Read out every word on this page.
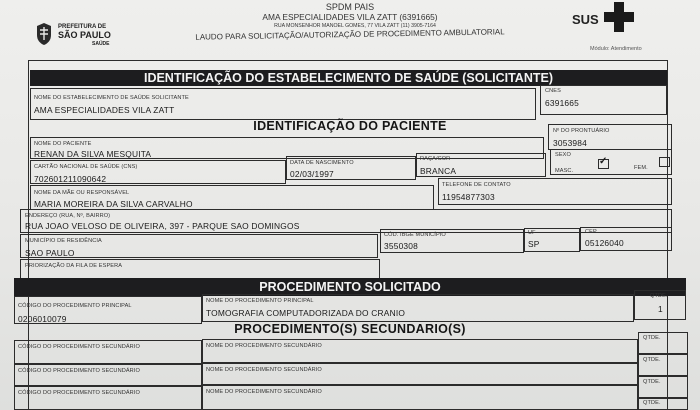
PREFEITURA DE
SÃO PAULO
SAÚDE
SPDM PAIS
AMA ESPECIALIDADES VILA ZATT (6391665)
RUA MONSENHOR MANOEL GOMES, 77 VILA ZATT (11) 3905-7164
LAUDO PARA SOLICITAÇÃO/AUTORIZAÇÃO DE PROCEDIMENTO AMBULATORIAL
SUS
Módulo: Atendimento
IDENTIFICAÇÃO DO ESTABELECIMENTO DE SAÚDE (SOLICITANTE)
NOME DO ESTABELECIMENTO DE SAÚDE SOLICITANTE
AMA ESPECIALIDADES VILA ZATT
CNES
6391665
IDENTIFICAÇÃO DO PACIENTE
NOME DO PACIENTE
RENAN DA SILVA MESQUITA
Nº DO PRONTUÁRIO
3053984
CARTÃO NACIONAL DE SAÚDE (CNS)
702601211090642
DATA DE NASCIMENTO
02/03/1997
RAÇA/COR
BRANCA
SEXO
MASC.
✓
FEM.
NOME DA MÃE OU RESPONSÁVEL
MARIA MOREIRA DA SILVA CARVALHO
TELEFONE DE CONTATO
11954877303
ENDEREÇO (RUA, Nº, BAIRRO)
RUA JOAO VELOSO DE OLIVEIRA, 397 - PARQUE SAO DOMINGOS
MUNICÍPIO DE RESIDÊNCIA
SAO PAULO
CÓD. IBGE MUNICÍPIO
3550308
UF
SP
CEP
05126040
PRIORIZAÇÃO DA FILA DE ESPERA
PROCEDIMENTO SOLICITADO
CÓDIGO DO PROCEDIMENTO PRINCIPAL
0206010079
NOME DO PROCEDIMENTO PRINCIPAL
TOMOGRAFIA COMPUTADORIZADA DO CRANIO
QTDE.
1
PROCEDIMENTO(S) SECUNDARIO(S)
CÓDIGO DO PROCEDIMENTO SECUNDÁRIO	NOME DO PROCEDIMENTO SECUNDÁRIO
QTDE.
CÓDIGO DO PROCEDIMENTO SECUNDÁRIO	NOME DO PROCEDIMENTO SECUNDÁRIO
QTDE.
CÓDIGO DO PROCEDIMENTO SECUNDÁRIO	NOME DO PROCEDIMENTO SECUNDÁRIO
QTDE.
QTDE.
